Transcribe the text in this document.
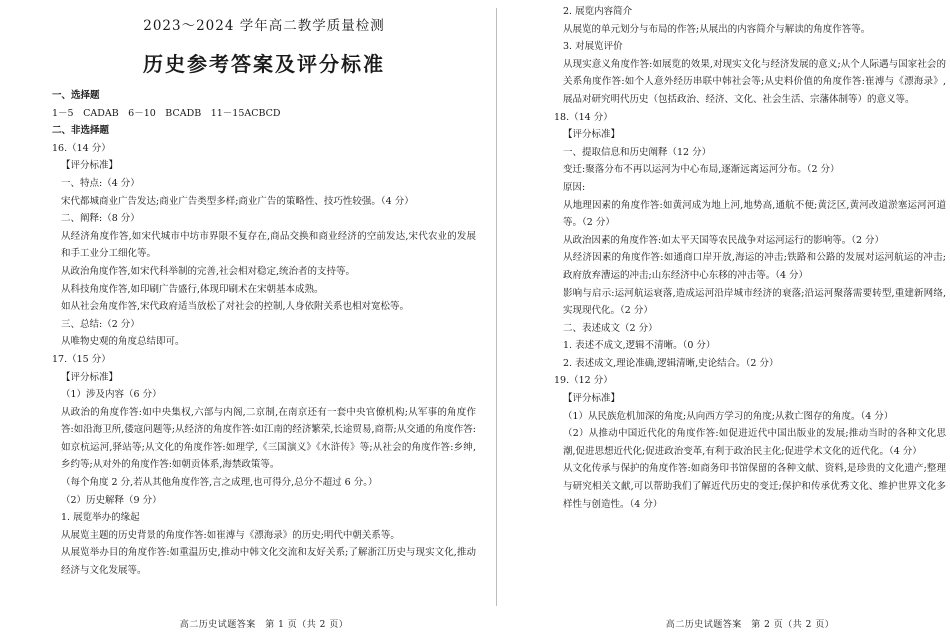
2023～2024 学年高二教学质量检测
历史参考答案及评分标准

一、选择题

1－5　CADAB　6－10　BCADB　11－15ACBCD

二、非选择题

16.（14 分）

【评分标准】

一、特点:（4 分）

宋代都城商业广告发达;商业广告类型多样;商业广告的策略性、技巧性较强。（4 分）

二、阐释:（8 分）

从经济角度作答,如宋代城市中坊市界限不复存在,商品交换和商业经济的空前发达,宋代农业的发展和手工业分工细化等。

从政治角度作答,如宋代科举制的完善,社会相对稳定,统治者的支持等。

从科技角度作答,如印刷广告盛行,体现印刷术在宋朝基本成熟。

如从社会角度作答,宋代政府适当放松了对社会的控制,人身依附关系也相对宽松等。

三、总结:（2 分）

从唯物史观的角度总结即可。

17.（15 分）

【评分标准】

（1）涉及内容（6 分）

从政治的角度作答:如中央集权,六部与内阁,二京制,在南京还有一套中央官僚机构;从军事的角度作答:如沿海卫所,倭寇问题等;从经济的角度作答:如江南的经济繁荣,长途贸易,商帮;从交通的角度作答:如京杭运河,驿站等;从文化的角度作答:如理学,《三国演义》《水浒传》等;从社会的角度作答:乡绅,乡约等;从对外的角度作答:如朝贡体系,海禁政策等。

（每个角度 2 分,若从其他角度作答,言之成理,也可得分,总分不超过 6 分。）

（2）历史解释（9 分）

1. 展览举办的缘起

从展览主题的历史背景的角度作答:如崔溥与《漂海录》的历史;明代中朝关系等。

从展览举办目的角度作答:如重温历史,推动中韩文化交流和友好关系;了解浙江历史与现实文化,推动经济与文化发展等。

高二历史试题答案　第 1 页（共 2 页）

2. 展览内容简介

从展览的单元划分与布局的作答;从展出的内容简介与解读的角度作答等。

3. 对展览评价

从现实意义角度作答:如展览的效果,对现实文化与经济发展的意义;从个人际遇与国家社会的关系角度作答:如个人意外经历串联中韩社会等;从史料价值的角度作答:崔溥与《漂海录》,展品对研究明代历史（包括政治、经济、文化、社会生活、宗藩体制等）的意义等。

18.（14 分）

【评分标准】

一、提取信息和历史阐释（12 分）

变迁:聚落分布不再以运河为中心布局,逐渐远离运河分布。（2 分）

原因:

从地理因素的角度作答:如黄河成为地上河,地势高,通航不便;黄泛区,黄河改道淤塞运河河道等。（2 分）

从政治因素的角度作答:如太平天国等农民战争对运河运行的影响等。（2 分）

从经济因素的角度作答:如通商口岸开放,海运的冲击;铁路和公路的发展对运河航运的冲击;政府放弃漕运的冲击;山东经济中心东移的冲击等。（4 分）

影响与启示:运河航运衰落,造成运河沿岸城市经济的衰落;沿运河聚落需要转型,重建新网络,实现现代化。（2 分）

二、表述成文（2 分）

1. 表述不成文,逻辑不清晰。（0 分）

2. 表述成文,理论准确,逻辑清晰,史论结合。（2 分）

19.（12 分）

【评分标准】

（1）从民族危机加深的角度;从向西方学习的角度;从救亡图存的角度。（4 分）

（2）从推动中国近代化的角度作答:如促进近代中国出版业的发展;推动当时的各种文化思潮,促进思想近代化;促进政治变革,有利于政治民主化;促进学术文化的近代化。（4 分）

从文化传承与保护的角度作答:如商务印书馆保留的各种文献、资料,是珍贵的文化遗产;整理与研究相关文献,可以帮助我们了解近代历史的变迁;保护和传承优秀文化、维护世界文化多样性与创造性。（4 分）

高二历史试题答案　第 2 页（共 2 页）
